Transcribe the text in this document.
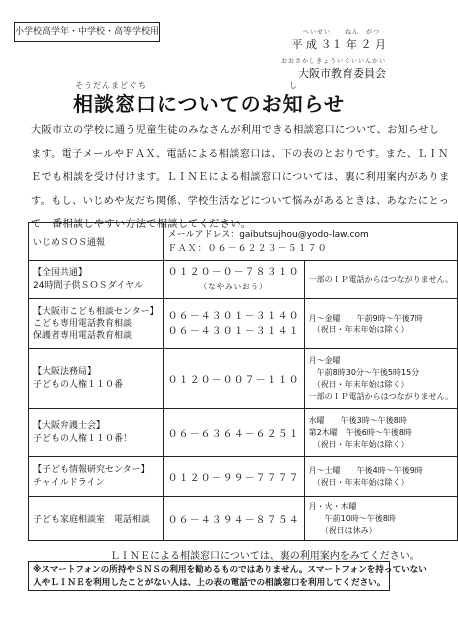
小学校高学年・中学校・高等学校用	へいせい　　ねん　がつ
平 成 ３１ 年 ２ 月
おおさかしきょういくいいんかい
大阪市教育委員会
そうだんまどぐち	し
相談窓口についてのお知らせ

大阪市立の学校に通う児童生徒のみなさんが利用できる相談窓口について、お知らせし

ます。電子メールやＦＡＸ、電話による相談窓口は、下の表のとおりです。また、ＬＩＮ

Ｅでも相談を受け付けます。ＬＩＮＥによる相談窓口については、裏に利用案内がありま

す。もし、いじめや友だち関係、学校生活などについて悩みがあるときは、あなたにとっ

て一番相談しやすい方法で相談してください。

いじめＳＯＳ通報	メールアドレス：gaibutsujhou@yodo-law.com
ＦＡＸ：０６－６２２３－５１７０	

【全国共通】
24時間子供ＳＯＳダイヤル	０１２０－０－７８３１０
（なやみいおう）	一部のＩＰ電話からはつながりません。

【大阪市こども相談センター】
こども専用電話教育相談
保護者専用電話教育相談	０６－４３０１－３１４０
０６－４３０１－３１４１	月～金曜　　午前9時～午後7時
　（祝日・年末年始は除く）

【大阪法務局】
子どもの人権１１０番	０１２０－００７－１１０	月～金曜
　午前8時30分～午後5時15分
　（祝日・年末年始は除く）
一部のＩＰ電話からはつながりません。

【大阪弁護士会】
子どもの人権１１０番！	０６－６３６４－６２５１	水曜　　午後3時～午後8時
第2木曜　午後6時～午後8時
　（祝日・年末年始は除く）

【子ども情報研究センター】
チャイルドライン	０１２０－９９－７７７７	月～土曜　　午後4時～午後9時
　（祝日・年末年始は除く）

子ども家庭相談室　電話相談	０６－４３９４－８７５４	月・火・木曜
　　午前10時～午後8時
　　（祝日は休み）
ＬＩＮＥによる相談窓口については、裏の利用案内をみてください。
※スマートフォンの所持やＳＮＳの利用を勧めるものではありません。スマートフォンを持っていない
人やＬＩＮＥを利用したことがない人は、上の表の電話での相談窓口を利用してください。
